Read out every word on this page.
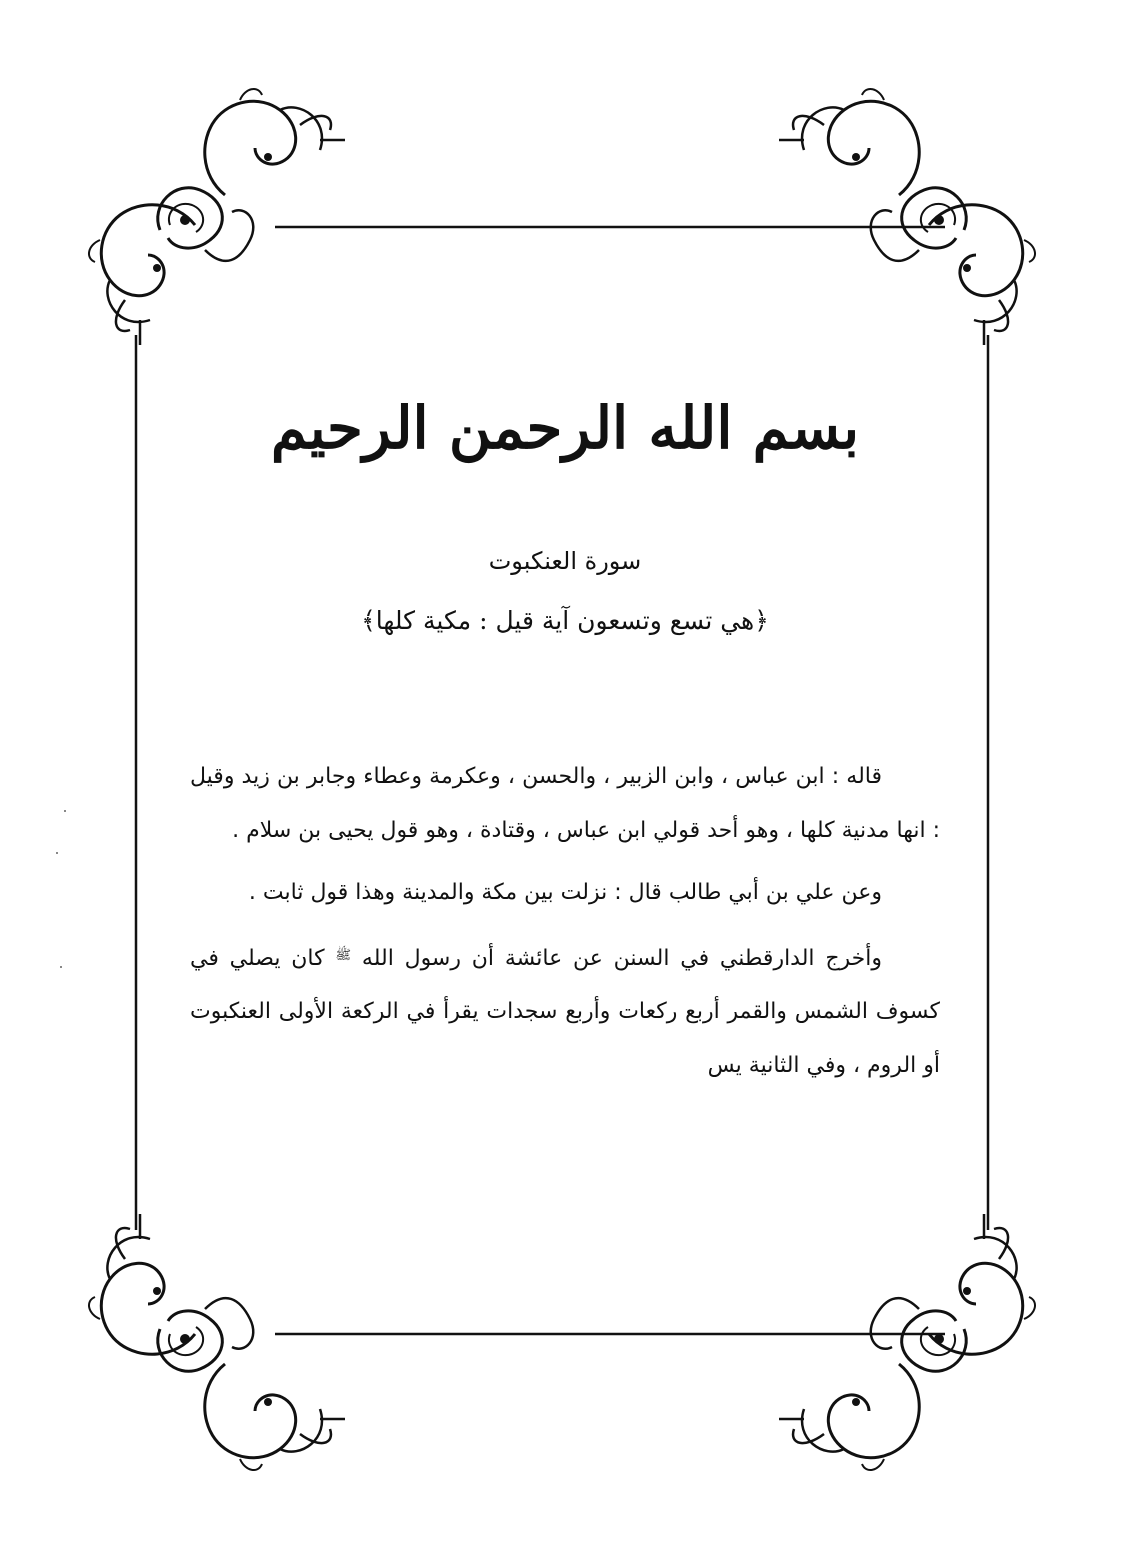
بسم الله الرحمن الرحيم
سورة العنكبوت
﴿هي تسع وتسعون آية قيل : مكية كلها﴾

قاله : ابن عباس ، وابن الزبير ، والحسن ، وعكرمة وعطاء وجابر بن زيد وقيل : انها مدنية كلها ، وهو أحد قولي ابن عباس ، وقتادة ، وهو قول يحيى بن سلام .

وعن علي بن أبي طالب قال : نزلت بين مكة والمدينة وهذا قول ثابت .

وأخرج الدارقطني في السنن عن عائشة أن رسول الله $^ﷺ$ كان يصلي في كسوف الشمس والقمر أربع ركعات وأربع سجدات يقرأ في الركعة الأولى العنكبوت أو الروم ، وفي الثانية يس
